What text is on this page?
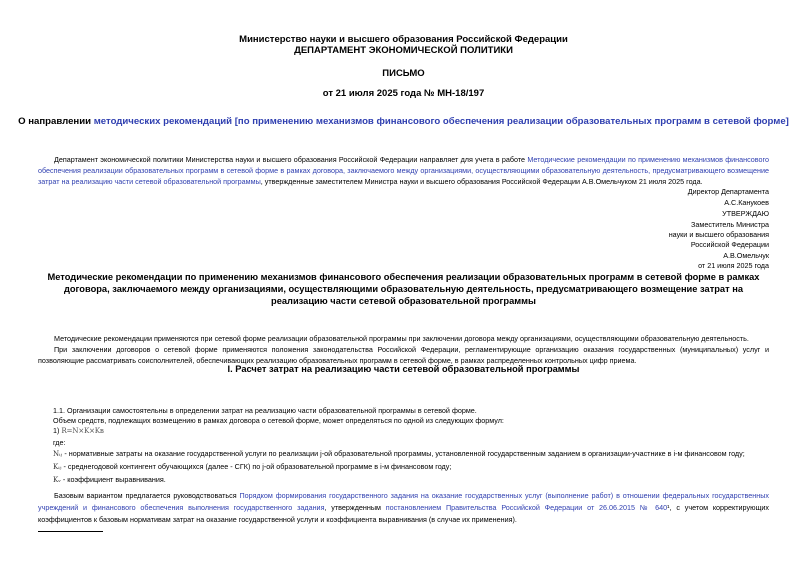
Министерство науки и высшего образования Российской Федерации
ДЕПАРТАМЕНТ ЭКОНОМИЧЕСКОЙ ПОЛИТИКИ
ПИСЬМО
от 21 июля 2025 года № МН-18/197
О направлении методических рекомендаций [по применению механизмов финансового обеспечения реализации образовательных программ в сетевой форме]
Департамент экономической политики Министерства науки и высшего образования Российской Федерации направляет для учета в работе Методические рекомендации по применению механизмов финансового обеспечения реализации образовательных программ в сетевой форме в рамках договора, заключаемого между организациями, осуществляющими образовательную деятельность, предусматривающего возмещение затрат на реализацию части сетевой образовательной программы, утвержденные заместителем Министра науки и высшего образования Российской Федерации А.В.Омельчуком 21 июля 2025 года.
Директор Департамента
А.С.Канукоев
УТВЕРЖДАЮ
Заместитель Министра
науки и высшего образования
Российской Федерации
А.В.Омельчук
от 21 июля 2025 года
Методические рекомендации по применению механизмов финансового обеспечения реализации образовательных программ в сетевой форме в рамках договора, заключаемого между организациями, осуществляющими образовательную деятельность, предусматривающего возмещение затрат на реализацию части сетевой образовательной программы
Методические рекомендации применяются при сетевой форме реализации образовательной программы при заключении договора между организациями, осуществляющими образовательную деятельность.
При заключении договоров о сетевой форме применяются положения законодательства Российской Федерации, регламентирующие организацию оказания государственных (муниципальных) услуг и позволяющие рассматривать соисполнителей, обеспечивающих реализацию образовательных программ в сетевой форме, в рамках распределенных контрольных цифр приема.
I. Расчет затрат на реализацию части сетевой образовательной программы
1.1. Организации самостоятельны в определении затрат на реализацию части образовательной программы в сетевой форме.
Объем средств, подлежащих возмещению в рамках договора о сетевой форме, может определяться по одной из следующих формул:
1) R=N×K×Kв
где:
Nᵢⱼ - нормативные затраты на оказание государственной услуги по реализации j-ой образовательной программы, установленной государственным заданием в организации-участнике в i-м финансовом году;
Kᵢⱼ - среднегодовой контингент обучающихся (далее - СГК) по j-ой образовательной программе в i-м финансовом году;
Kᵥ - коэффициент выравнивания.
Базовым вариантом предлагается руководствоваться Порядком формирования государственного задания на оказание государственных услуг (выполнение работ) в отношении федеральных государственных учреждений и финансового обеспечения выполнения государственного задания, утвержденным постановлением Правительства Российской Федерации от 26.06.2015 № 640¹, с учетом корректирующих коэффициентов к базовым нормативам затрат на оказание государственной услуги и коэффициента выравнивания (в случае их применения).
